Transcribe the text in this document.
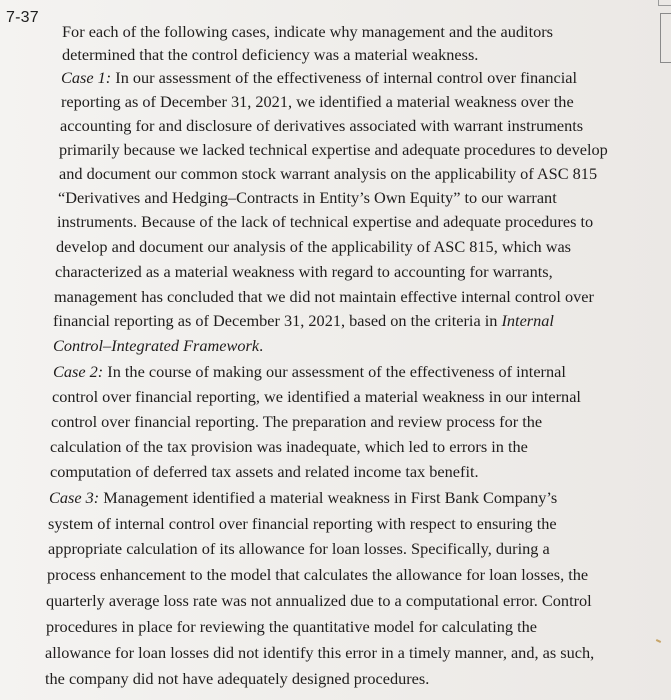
7-37
For each of the following cases, indicate why management and the auditors
determined that the control deficiency was a material weakness.
Case 1: In our assessment of the effectiveness of internal control over financial
reporting as of December 31, 2021, we identified a material weakness over the
accounting for and disclosure of derivatives associated with warrant instruments
primarily because we lacked technical expertise and adequate procedures to develop
and document our common stock warrant analysis on the applicability of ASC 815
“Derivatives and Hedging–Contracts in Entity’s Own Equity” to our warrant
instruments. Because of the lack of technical expertise and adequate procedures to
develop and document our analysis of the applicability of ASC 815, which was
characterized as a material weakness with regard to accounting for warrants,
management has concluded that we did not maintain effective internal control over
financial reporting as of December 31, 2021, based on the criteria in Internal
Control–Integrated Framework.
Case 2: In the course of making our assessment of the effectiveness of internal
control over financial reporting, we identified a material weakness in our internal
control over financial reporting. The preparation and review process for the
calculation of the tax provision was inadequate, which led to errors in the
computation of deferred tax assets and related income tax benefit.
Case 3: Management identified a material weakness in First Bank Company’s
system of internal control over financial reporting with respect to ensuring the
appropriate calculation of its allowance for loan losses. Specifically, during a
process enhancement to the model that calculates the allowance for loan losses, the
quarterly average loss rate was not annualized due to a computational error. Control
procedures in place for reviewing the quantitative model for calculating the
allowance for loan losses did not identify this error in a timely manner, and, as such,
the company did not have adequately designed procedures.
